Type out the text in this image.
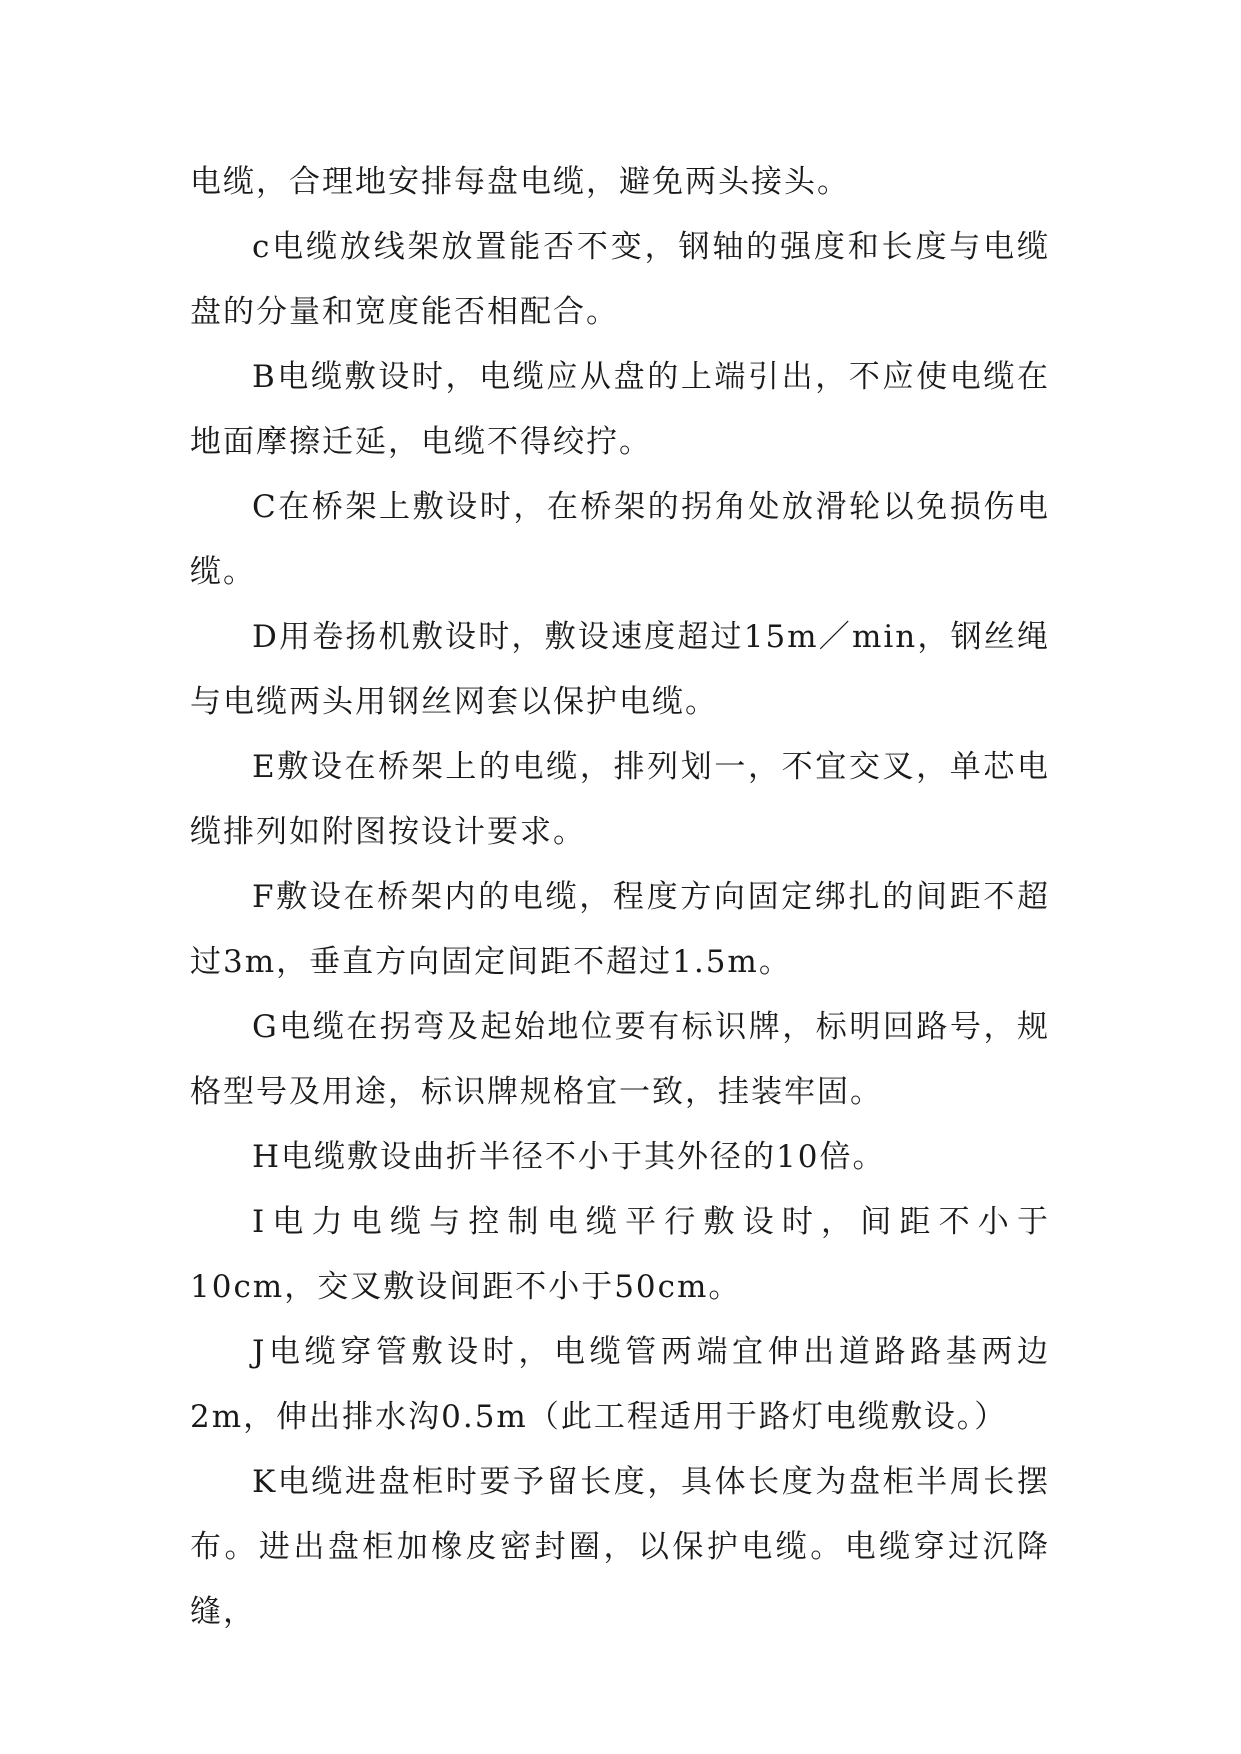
电缆，合理地安排每盘电缆，避免两头接头。

c电缆放线架放置能否不变，钢轴的强度和长度与电缆盘的分量和宽度能否相配合。

B电缆敷设时，电缆应从盘的上端引出，不应使电缆在地面摩擦迁延，电缆不得绞拧。

C在桥架上敷设时，在桥架的拐角处放滑轮以免损伤电缆。

D用卷扬机敷设时，敷设速度超过15m／min，钢丝绳与电缆两头用钢丝网套以保护电缆。

E敷设在桥架上的电缆，排列划一，不宜交叉，单芯电缆排列如附图按设计要求。

F敷设在桥架内的电缆，程度方向固定绑扎的间距不超过3m，垂直方向固定间距不超过1.5m。

G电缆在拐弯及起始地位要有标识牌，标明回路号，规格型号及用途，标识牌规格宜一致，挂装牢固。

H电缆敷设曲折半径不小于其外径的10倍。

I电力电缆与控制电缆平行敷设时，间距不小于10cm，交叉敷设间距不小于50cm。

J电缆穿管敷设时，电缆管两端宜伸出道路路基两边2m，伸出排水沟0.5m（此工程适用于路灯电缆敷设。）

K电缆进盘柜时要予留长度，具体长度为盘柜半周长摆布。进出盘柜加橡皮密封圈，以保护电缆。电缆穿过沉降缝，
